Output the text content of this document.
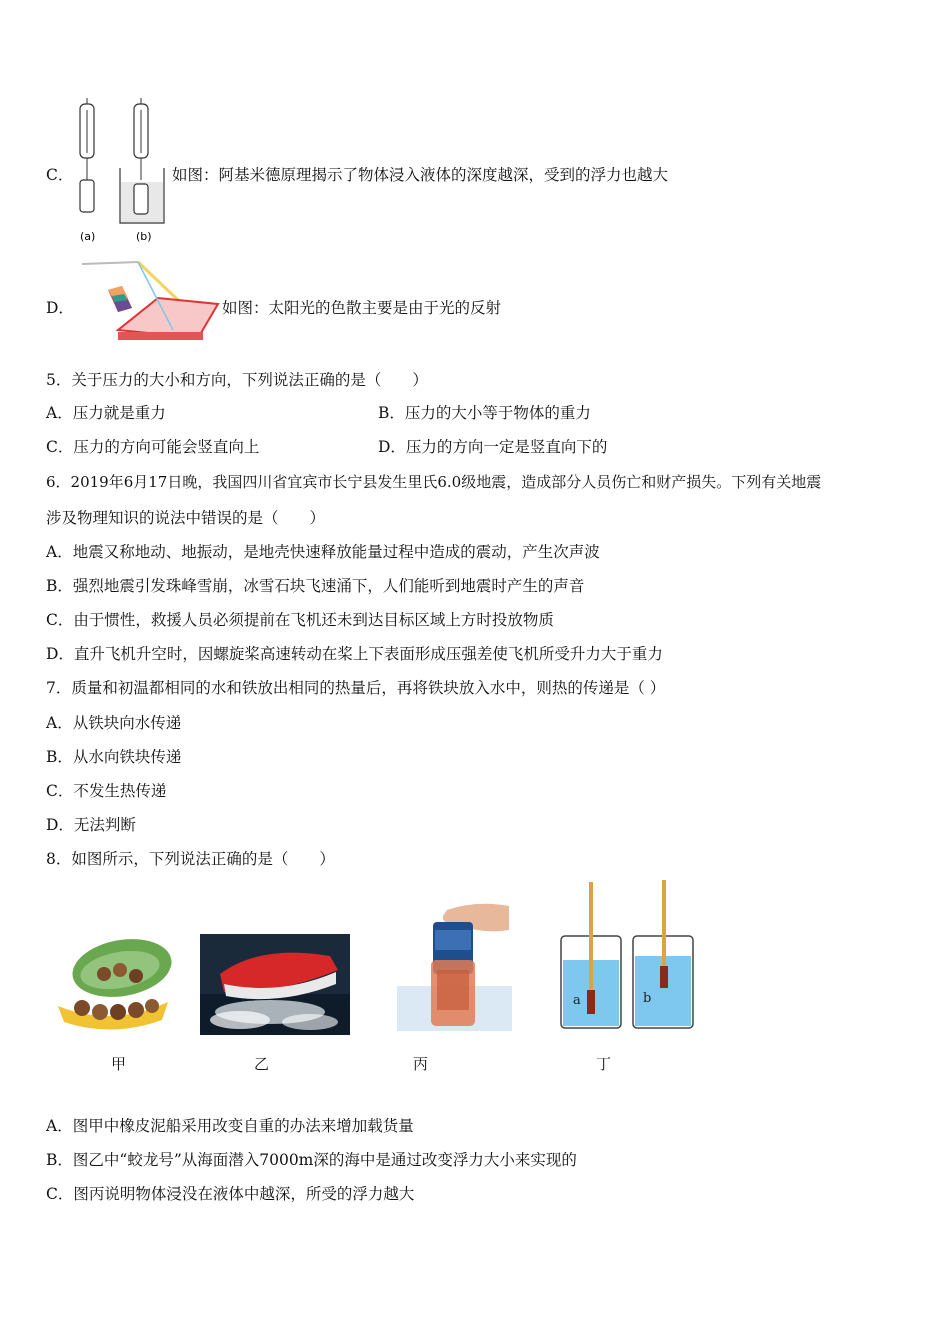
C．
(a)	(b)
如图：阿基米德原理揭示了物体浸入液体的深度越深，受到的浮力也越大
D．	如图：太阳光的色散主要是由于光的反射
5．关于压力的大小和方向，下列说法正确的是（　　）
A．压力就是重力	B．压力的大小等于物体的重力
C．压力的方向可能会竖直向上	D．压力的方向一定是竖直向下的
6．2019年6月17日晚，我国四川省宜宾市长宁县发生里氏6.0级地震，造成部分人员伤亡和财产损失。下列有关地震
涉及物理知识的说法中错误的是（　　）
A．地震又称地动、地振动，是地壳快速释放能量过程中造成的震动，产生次声波
B．强烈地震引发珠峰雪崩，冰雪石块飞速涌下，人们能听到地震时产生的声音
C．由于惯性，救援人员必须提前在飞机还未到达目标区域上方时投放物质
D．直升飞机升空时，因螺旋桨高速转动在桨上下表面形成压强差使飞机所受升力大于重力
7．质量和初温都相同的水和铁放出相同的热量后，再将铁块放入水中，则热的传递是（ ）
A．从铁块向水传递
B．从水向铁块传递
C．不发生热传递
D．无法判断
8．如图所示，下列说法正确的是（　　）
甲	乙	丙
a	b
丁
A．图甲中橡皮泥船采用改变自重的办法来增加载货量
B．图乙中“蛟龙号”从海面潜入7000m深的海中是通过改变浮力大小来实现的
C．图丙说明物体浸没在液体中越深，所受的浮力越大
